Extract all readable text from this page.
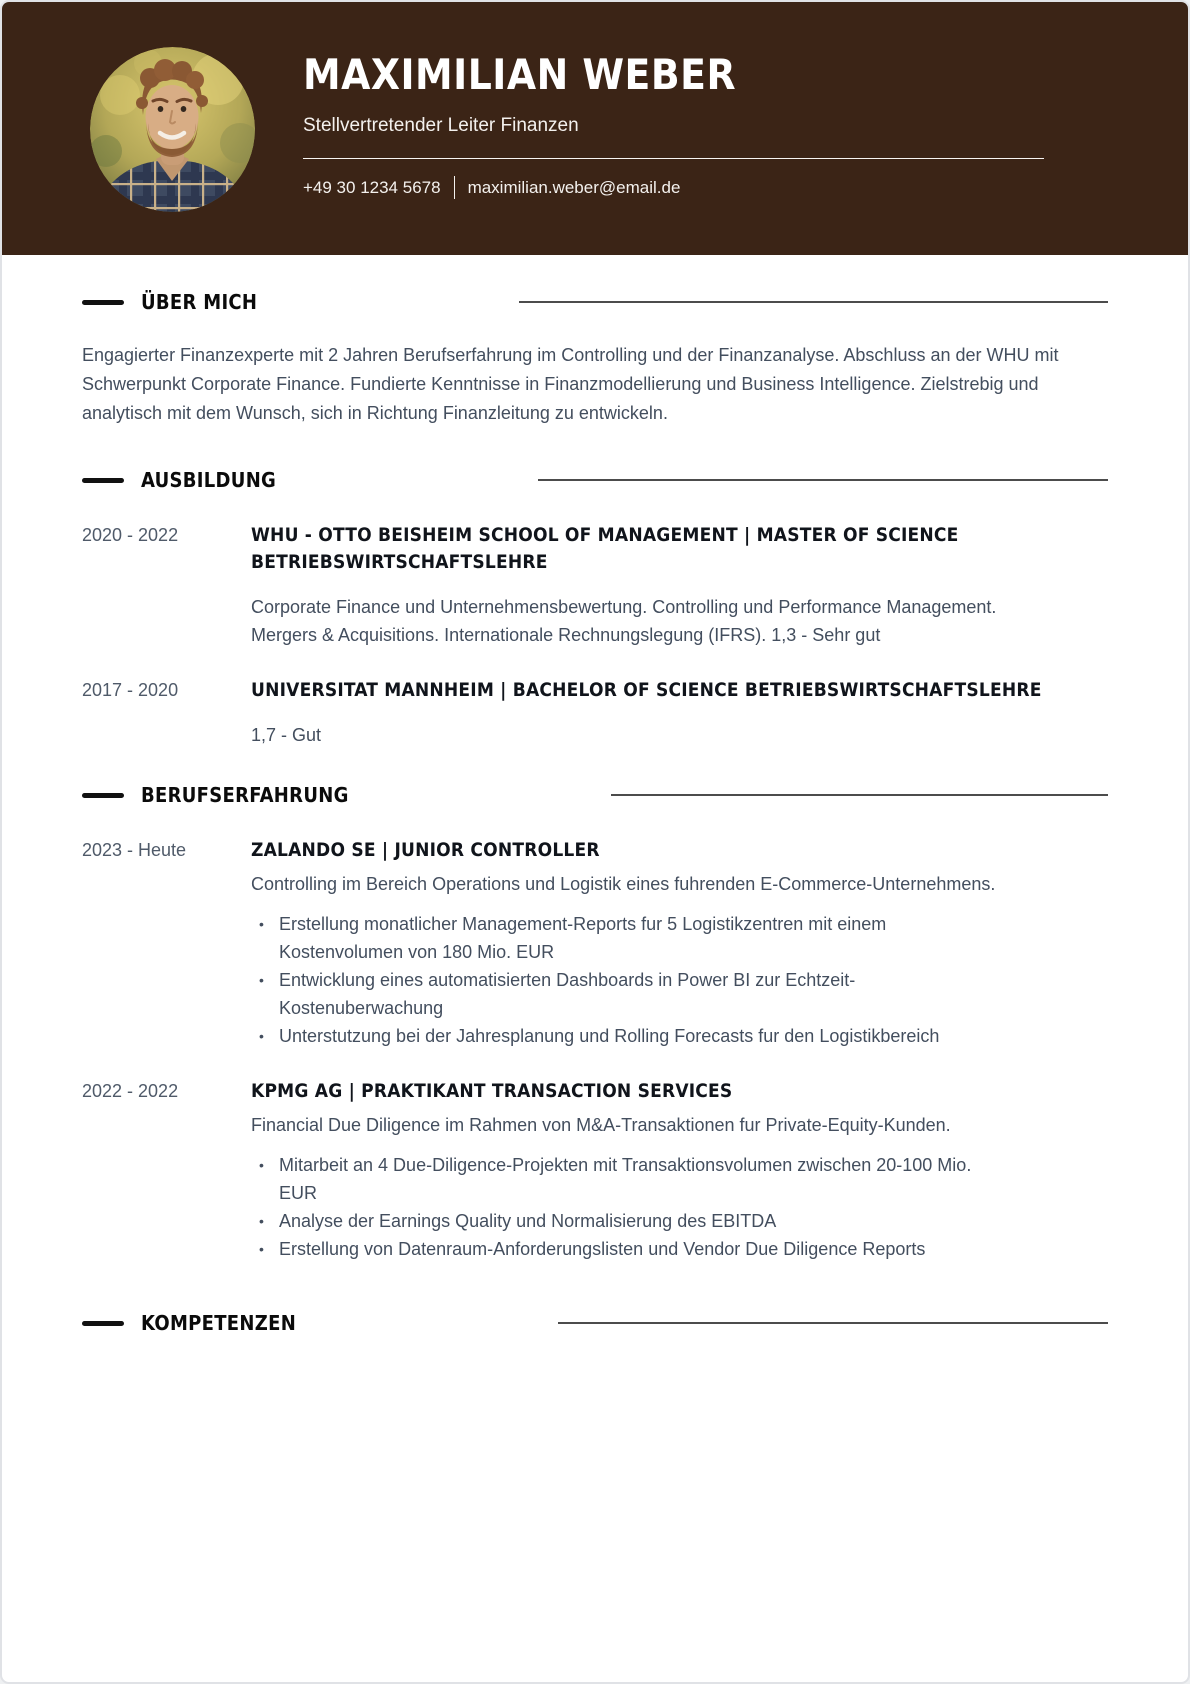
MAXIMILIAN WEBER
Stellvertretender Leiter Finanzen
+49 30 1234 5678 maximilian.weber@email.de
ÜBER MICH

Engagierter Finanzexperte mit 2 Jahren Berufserfahrung im Controlling und der Finanzanalyse. Abschluss an der WHU mit Schwerpunkt Corporate Finance. Fundierte Kenntnisse in Finanzmodellierung und Business Intelligence. Zielstrebig und analytisch mit dem Wunsch, sich in Richtung Finanzleitung zu entwickeln.

AUSBILDUNG
2020 - 2022	WHU - OTTO BEISHEIM SCHOOL OF MANAGEMENT | MASTER OF SCIENCE BETRIEBSWIRTSCHAFTSLEHRE

Corporate Finance und Unternehmensbewertung. Controlling und Performance Management. Mergers & Acquisitions. Internationale Rechnungslegung (IFRS). 1,3 - Sehr gut

2017 - 2020	UNIVERSITAT MANNHEIM | BACHELOR OF SCIENCE BETRIEBSWIRTSCHAFTSLEHRE

1,7 - Gut

BERUFSERFAHRUNG
2023 - Heute	ZALANDO SE | JUNIOR CONTROLLER

Controlling im Bereich Operations und Logistik eines fuhrenden E-Commerce-Unternehmens.

• Erstellung monatlicher Management-Reports fur 5 Logistikzentren mit einem Kostenvolumen von 180 Mio. EUR
• Entwicklung eines automatisierten Dashboards in Power BI zur Echtzeit-Kostenuberwachung
• Unterstutzung bei der Jahresplanung und Rolling Forecasts fur den Logistikbereich
2022 - 2022	KPMG AG | PRAKTIKANT TRANSACTION SERVICES

Financial Due Diligence im Rahmen von M&A-Transaktionen fur Private-Equity-Kunden.

• Mitarbeit an 4 Due-Diligence-Projekten mit Transaktionsvolumen zwischen 20-100 Mio. EUR
• Analyse der Earnings Quality und Normalisierung des EBITDA
• Erstellung von Datenraum-Anforderungslisten und Vendor Due Diligence Reports
KOMPETENZEN
